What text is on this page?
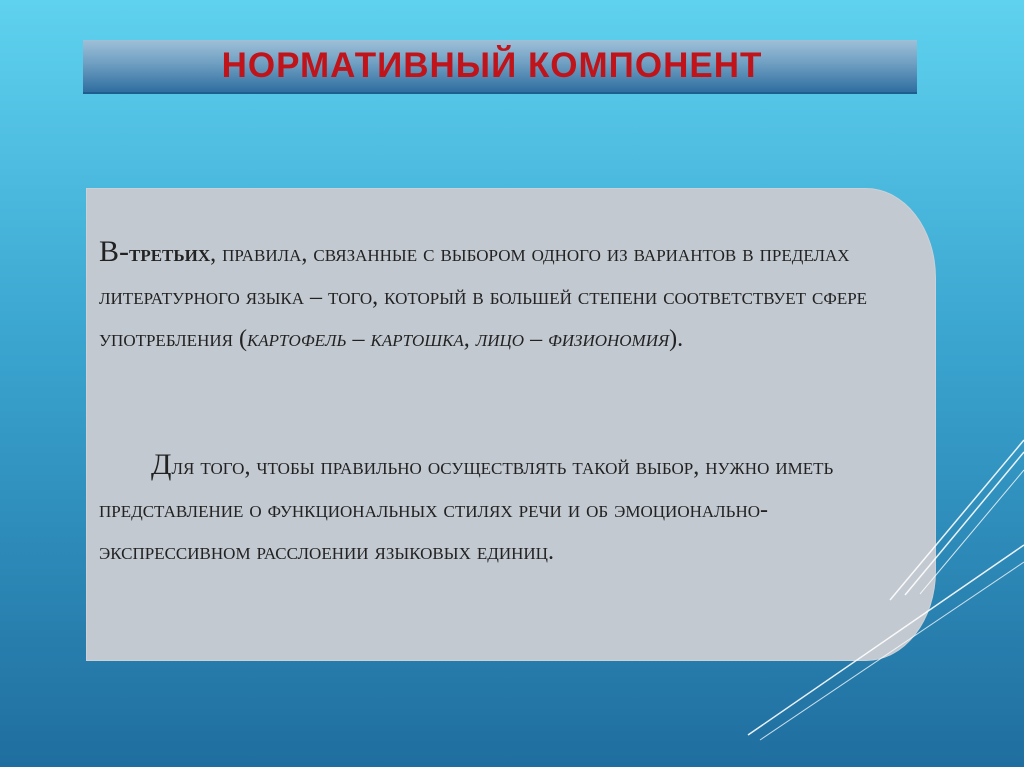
НОРМАТИВНЫЙ КОМПОНЕНТ
В-третьих, правила, связанные с выбором одного из вариантов в пределах литературного языка – того, который в большей степени соответствует сфере употребления (картофель – картошка, лицо – физиономия).
Для того, чтобы правильно осуществлять такой выбор, нужно иметь представление о функциональных стилях речи и об эмоционально-экспрессивном расслоении языковых единиц.
